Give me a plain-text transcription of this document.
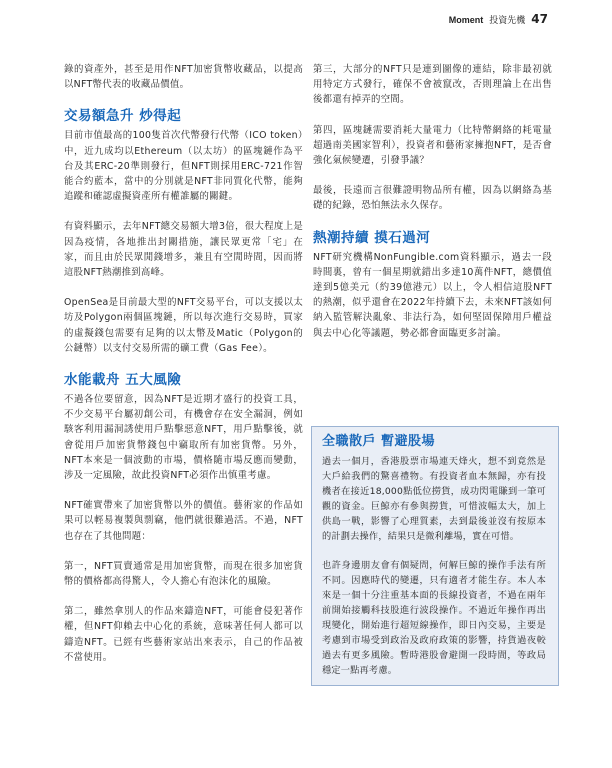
Moment 投資先機 47

錄的資產外，甚至是用作NFT加密貨幣收藏品，以提高以NFT幣代表的收藏品價值。

交易額急升 炒得起

目前市值最高的100隻首次代幣發行代幣（ICO token）中，近九成均以Ethereum（以太坊）的區塊鏈作為平台及其ERC-20準則發行，但NFT則採用ERC-721作智能合約藍本，當中的分別就是NFT非同質化代幣，能夠追蹤和確認虛擬資產所有權誰屬的關鍵。

有資料顯示，去年NFT總交易額大增3倍，很大程度上是因為疫情，各地推出封關措施，讓民眾更常「宅」在家，而且由於民眾閒錢增多，兼且有空閒時間，因而將這股NFT熱潮推到高峰。

OpenSea是目前最大型的NFT交易平台，可以支援以太坊及Polygon兩個區塊鏈，所以每次進行交易時，買家的虛擬錢包需要有足夠的以太幣及Matic（Polygon的公鏈幣）以支付交易所需的礦工費（Gas Fee）。

水能載舟 五大風險

不過各位要留意，因為NFT是近期才盛行的投資工具，不少交易平台屬初創公司，有機會存在安全漏洞，例如駭客利用漏洞誘使用戶點擊惡意NFT，用戶點擊後，就會從用戶加密貨幣錢包中竊取所有加密貨幣。另外，NFT本來是一個波動的市場，價格隨市場反應而變動，涉及一定風險，故此投資NFT必須作出慎重考慮。

NFT確實帶來了加密貨幣以外的價值。藝術家的作品如果可以輕易複製與剽竊，他們就很難過活。不過，NFT也存在了其他問題：

第一，NFT買賣通常是用加密貨幣，而現在很多加密貨幣的價格都高得驚人，令人擔心有泡沫化的風險。

第二，雖然拿別人的作品來鑄造NFT，可能會侵犯著作權，但NFT仰賴去中心化的系統，意味著任何人都可以鑄造NFT。已經有些藝術家站出來表示，自己的作品被不當使用。

第三，大部分的NFT只是連到圖像的連結，除非最初就用特定方式發行，確保不會被竄改，否則理論上在出售後都還有掉弄的空間。

第四，區塊鏈需要消耗大量電力（比特幣網絡的耗電量超過南美國家智利），投資者和藝術家擁抱NFT，是否會強化氣候變遷，引發爭議？

最後，長遠而言很難證明物品所有權，因為以網絡為基礎的紀錄，恐怕無法永久保存。

熱潮持續 摸石過河

NFT研究機構NonFungible.com資料顯示，過去一段時間裏，曾有一個星期就錯出多達10萬件NFT，總價值達到5億美元（約39億港元）以上，令人相信這股NFT的熱潮，似乎還會在2022年持續下去，未來NFT該如何納入監管解決亂象、非法行為，如何堅固保障用戶權益與去中心化等議題，勢必都會面臨更多討論。

全職散戶 暫避股場

過去一個月，香港股票市場連天烽火，想不到竟然是大戶給我們的驚喜禮物。有投資者血本無歸，亦有投機者在接近18,000點低位撈貨，成功閃電賺到一筆可觀的資金。巨鯨亦有參與撈貨，可惜波幅太大，加上供島一戰，影響了心理質素，去到最後並沒有按原本的計劃去操作，結果只是微利離場，實在可惜。

也許身邊朋友會有個疑問，何解巨鯨的操作手法有所不同。因應時代的變遷，只有適者才能生存。本人本來是一個十分注重基本面的長線投資者，不過在兩年前開始接觸科技股進行波段操作。不過近年操作再出現變化，開始進行超短線操作，即日內交易，主要是考慮到市場受到政治及政府政策的影響，持貨過夜較過去有更多風險。暫時港股會避開一段時間，等政局穩定一點再考慮。
